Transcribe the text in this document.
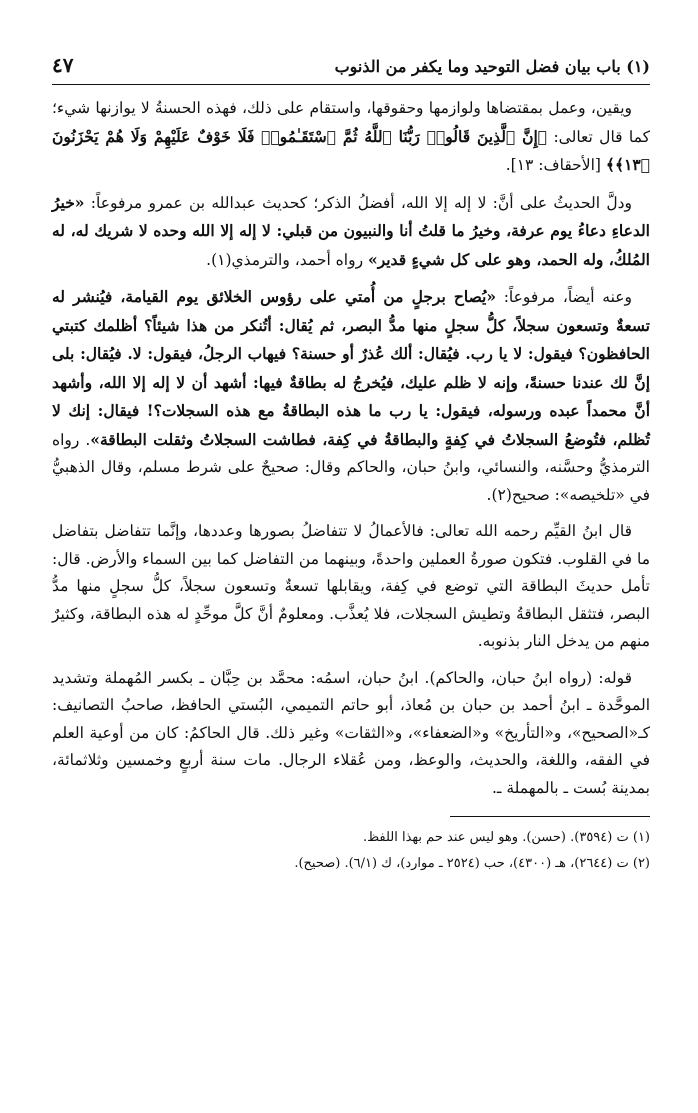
(١) باب بيان فضل التوحيد وما يكفر من الذنوب
٤٧

ويقين، وعمل بمقتضاها ولوازمها وحقوقها، واستقام على ذلك، فهذه الحسنةُ لا يوازنها شيء؛ كما قال تعالى: ﴿إِنَّ ٱلَّذِينَ قَالُوا۟ رَبُّنَا ٱللَّهُ ثُمَّ ٱسْتَقَـٰمُوا۟ فَلَا خَوْفٌ عَلَيْهِمْ وَلَا هُمْ يَحْزَنُونَ ﴿١٣﴾﴾ [الأحقاف: ١٣].

ودلَّ الحديثُ على أنَّ: لا إله إلا الله، أفضلُ الذكر؛ كحديث عبدالله بن عمرو مرفوعاً: «خيرُ الدعاءِ دعاءُ يوم عرفة، وخيرُ ما قلتُ أنا والنبيون من قبلي: لا إله إلا الله وحده لا شريك له، له المُلكُ، وله الحمد، وهو على كل شيءٍ قدير» رواه أحمد، والترمذي(١).

وعنه أيضاً، مرفوعاً: «يُصاح برجلٍ من أُمتي على رؤوس الخلائق يوم القيامة، فيُنشر له تسعةٌ وتسعون سجلاً، كلُّ سجلٍ منها مدُّ البصر، ثم يُقال: أتُنكر من هذا شيئاً؟ أظلمك كتبتي الحافظون؟ فيقول: لا يا رب. فيُقال: ألك عُذرٌ أو حسنة؟ فيهاب الرجلُ، فيقول: لا. فيُقال: بلى إنَّ لك عندنا حسنةً، وإنه لا ظلم عليك، فيُخرجُ له بطاقةٌ فيها: أشهد أن لا إله إلا الله، وأشهد أنَّ محمداً عبده ورسوله، فيقول: يا رب ما هذه البطاقةُ مع هذه السجلات؟! فيقال: إنك لا تُظلم، فتُوضعُ السجلاتُ في كِفةٍ والبطاقةُ في كِفة، فطاشت السجلاتُ وثقلت البطاقة». رواه الترمذيُّ وحسَّنه، والنسائي، وابنُ حبان، والحاكم وقال: صحيحٌ على شرط مسلم، وقال الذهبيُّ في «تلخيصه»: صحيح(٢).

قال ابنُ القيِّم رحمه الله تعالى: فالأعمالُ لا تتفاضلُ بصورها وعددها، وإنَّما تتفاضل بتفاضل ما في القلوب. فتكون صورةُ العملين واحدةً، وبينهما من التفاضل كما بين السماء والأرض. قال: تأمل حديثَ البطاقة التي توضع في كِفة، ويقابلها تسعةٌ وتسعون سجلاً، كلُّ سجلٍ منها مدُّ البصر، فتثقل البطاقةُ وتطيش السجلات، فلا يُعذَّب. ومعلومٌ أنَّ كلَّ موحِّدٍ له هذه البطاقة، وكثيرٌ منهم من يدخل النار بذنوبه.

قوله: (رواه ابنُ حبان، والحاكم). ابنُ حبان، اسمُه: محمَّد بن حِبَّان ـ بكسر المُهملة وتشديد الموحَّدة ـ ابنُ أحمد بن حبان بن مُعاذ، أبو حاتم التميمي، البُستي الحافظ، صاحبُ التصانيف: كـ«الصحيح»، و«التأريخ» و«الضعفاء»، و«الثقات» وغير ذلك. قال الحاكمُ: كان من أوعية العلم في الفقه، واللغة، والحديث، والوعظ، ومن عُقلاء الرجال. مات سنة أربعٍ وخمسين وثلاثمائة، بمدينة بُست ـ بالمهملة ـ.

(١) ت (٣٥٩٤). (حسن). وهو ليس عند حم بهذا اللفظ.

(٢) ت (٢٦٤٤)، هـ (٤٣٠٠)، حب (٢٥٢٤ ـ موارد)، ك (٦/١). (صحيح).
